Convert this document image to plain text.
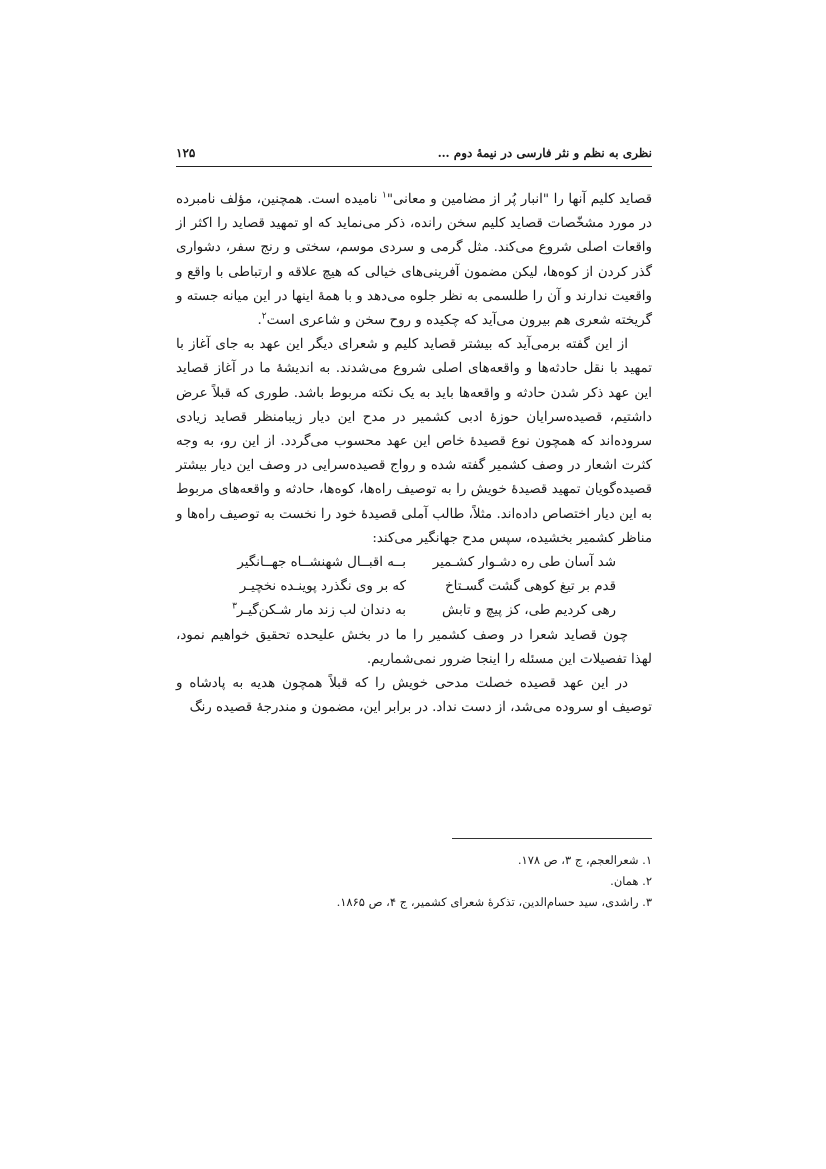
نظری به نظم و نثر فارسی در نیمهٔ دوم …
۱۲۵

قصاید کلیم آنها را "انبار پُر از مضامین و معانی"$^۱$ نامیده است. همچنین، مؤلف نامبرده در مورد مشخّصات قصاید کلیم سخن رانده، ذکر می‌نماید که او تمهید قصاید را اکثر از واقعات اصلی شروع می‌کند. مثل گرمی و سردی موسم، سختی و رنج سفر، دشواری گذر کردن از کوه‌ها، لیکن مضمون آفرینی‌های خیالی که هیچ علاقه و ارتباطی با واقع و واقعیت ندارند و آن را طلسمی به نظر جلوه می‌دهد و با همهٔ اینها در این میانه جسته و گریخته شعری هم بیرون می‌آید که چکیده و روح سخن و شاعری است$^۲$.

از این گفته برمی‌آید که بیشتر قصاید کلیم و شعرای دیگر این عهد به جای آغاز با تمهید با نقل حادثه‌ها و واقعه‌های اصلی شروع می‌شدند. به اندیشهٔ ما در آغاز قصاید این عهد ذکر شدن حادثه و واقعه‌ها باید به یک نکته مربوط باشد. طوری که قبلاً عرض داشتیم، قصیده‌سرایان حوزهٔ ادبی کشمیر در مدح این دیار زیبامنظر قصاید زیادی سروده‌اند که همچون نوع قصیدهٔ خاص این عهد محسوب می‌گردد. از این رو، به وجه کثرت اشعار در وصف کشمیر گفته شده و رواج قصیده‌سرایی در وصف این دیار بیشتر قصیده‌گویان تمهید قصیدهٔ خویش را به توصیف راه‌ها، کوه‌ها، حادثه و واقعه‌های مربوط به این دیار اختصاص داده‌اند. مثلاً، طالب آملی قصیدهٔ خود را نخست به توصیف راه‌ها و مناظر کشمیر بخشیده، سپس مدح جهانگیر می‌کند:

شد آسان طی ره دشـوار کشـمیر
بــه اقبــال شهنشــاه جهــانگیر
قدم بر تیغ کوهی گشت گسـتاخ
که بر وی نگذرد پوینـده نخچیـر
رهی کردیم طی، کز پیچ و تابش
به دندان لب زند مار شـکن‌گیـر$^۳$

چون قصاید شعرا در وصف کشمیر را ما در بخش علیحده تحقیق خواهیم نمود، لهذا تفصیلات این مسئله را اینجا ضرور نمی‌شماریم.

در این عهد قصیده خصلت مدحی خویش را که قبلاً همچون هدیه به پادشاه و توصیف او سروده می‌شد، از دست نداد. در برابر این، مضمون و مندرجهٔ قصیده رنگ

۱. شعرالعجم، ج ۳، ص ۱۷۸.
۲. همان.
۳. راشدی، سید حسام‌الدین، تذکرهٔ شعرای کشمیر، ج ۴، ص ۱۸۶۵.
